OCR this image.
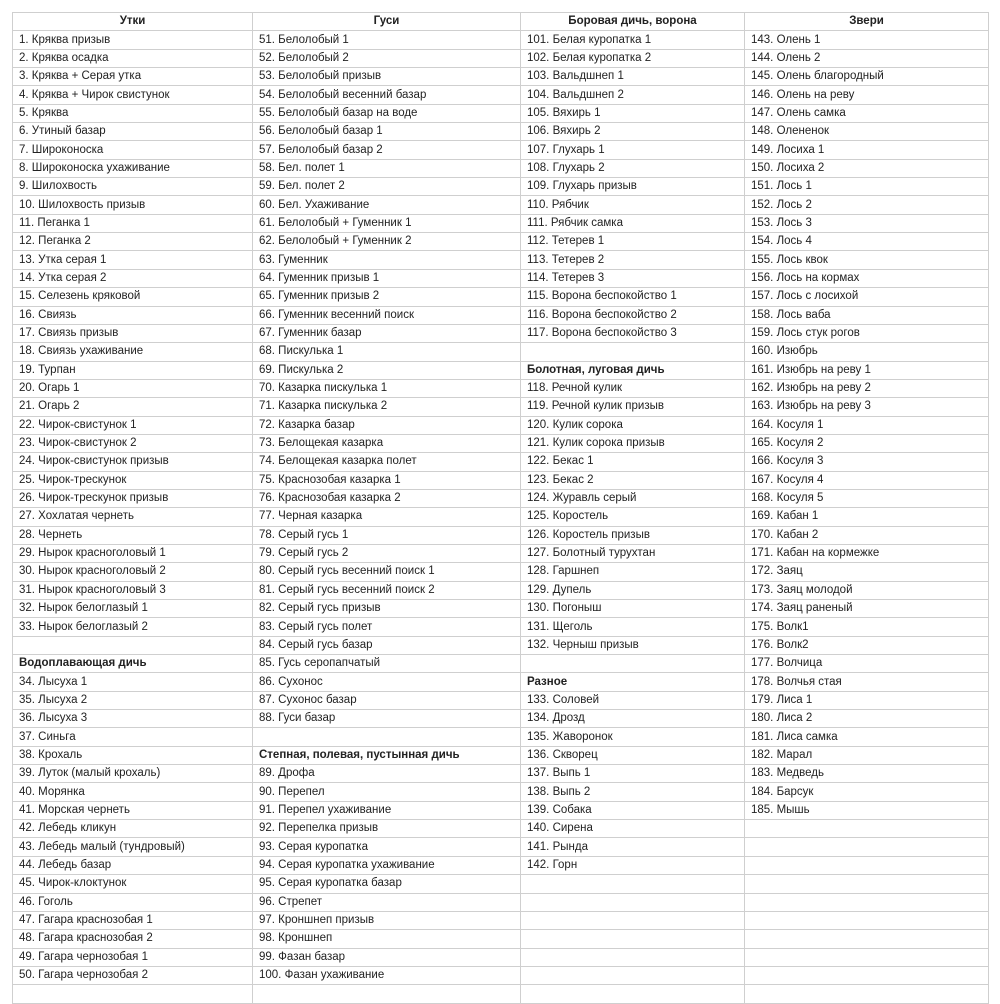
Утки	Гуси	Боровая дичь, ворона	Звери
1. Кряква призыв	51. Белолобый 1	101. Белая куропатка 1	143. Олень 1
2. Кряква осадка	52. Белолобый 2	102. Белая куропатка 2	144. Олень 2
3. Кряква + Серая утка	53. Белолобый призыв	103. Вальдшнеп 1	145. Олень благородный
4. Кряква + Чирок свистунок	54. Белолобый весенний базар	104. Вальдшнеп 2	146. Олень на реву
5. Кряква	55. Белолобый базар на воде	105. Вяхирь 1	147. Олень самка
6. Утиный базар	56. Белолобый базар 1	106. Вяхирь 2	148. Олененок
7. Широконоска	57. Белолобый базар 2	107. Глухарь 1	149. Лосиха 1
8. Широконоска ухаживание	58. Бел. полет 1	108. Глухарь 2	150. Лосиха 2
9. Шилохвость	59. Бел. полет 2	109. Глухарь призыв	151. Лось 1
10. Шилохвость призыв	60. Бел. Ухаживание	110. Рябчик	152. Лось 2
11. Пеганка 1	61. Белолобый + Гуменник 1	111. Рябчик самка	153. Лось 3
12. Пеганка 2	62. Белолобый + Гуменник 2	112. Тетерев 1	154. Лось 4
13. Утка серая 1	63. Гуменник	113. Тетерев 2	155. Лось квок
14. Утка серая 2	64. Гуменник призыв 1	114. Тетерев 3	156. Лось на кормах
15. Селезень кряковой	65. Гуменник призыв 2	115. Ворона беспокойство 1	157. Лось с лосихой
16. Свиязь	66. Гуменник весенний поиск	116. Ворона беспокойство 2	158. Лось ваба
17. Свиязь призыв	67. Гуменник базар	117. Ворона беспокойство 3	159. Лось стук рогов
18. Свиязь ухаживание	68. Пискулька 1		160. Изюбрь
19. Турпан	69. Пискулька 2	Болотная, луговая дичь	161. Изюбрь на реву 1
20. Огарь 1	70. Казарка пискулька 1	118. Речной кулик	162. Изюбрь на реву 2
21. Огарь 2	71. Казарка пискулька 2	119. Речной кулик призыв	163. Изюбрь на реву 3
22. Чирок-свистунок 1	72. Казарка базар	120. Кулик сорока	164. Косуля 1
23. Чирок-свистунок 2	73. Белощекая казарка	121. Кулик сорока призыв	165. Косуля 2
24. Чирок-свистунок призыв	74. Белощекая казарка полет	122. Бекас 1	166. Косуля 3
25. Чирок-трескунок	75. Краснозобая казарка 1	123. Бекас 2	167. Косуля 4
26. Чирок-трескунок призыв	76. Краснозобая казарка 2	124. Журавль серый	168. Косуля 5
27. Хохлатая чернеть	77. Черная казарка	125. Коростель	169. Кабан 1
28. Чернеть	78. Серый гусь 1	126. Коростель призыв	170. Кабан 2
29. Нырок красноголовый 1	79. Серый гусь 2	127. Болотный турухтан	171. Кабан на кормежке
30. Нырок красноголовый 2	80. Серый гусь весенний поиск 1	128. Гаршнеп	172. Заяц
31. Нырок красноголовый 3	81. Серый гусь весенний поиск 2	129. Дупель	173. Заяц молодой
32. Нырок белоглазый 1	82. Серый гусь призыв	130. Погоныш	174. Заяц раненый
33. Нырок белоглазый 2	83. Серый гусь полет	131. Щеголь	175. Волк1
	84. Серый гусь базар	132. Черныш призыв	176. Волк2
Водоплавающая дичь	85. Гусь серопапчатый		177. Волчица
34. Лысуха 1	86. Сухонос	Разное	178. Волчья стая
35. Лысуха 2	87. Сухонос базар	133. Соловей	179. Лиса 1
36. Лысуха 3	88. Гуси базар	134. Дрозд	180. Лиса 2
37. Синьга		135. Жаворонок	181. Лиса самка
38. Крохаль	Степная, полевая, пустынная дичь	136. Скворец	182. Марал
39. Луток (малый крохаль)	89. Дрофа	137. Выпь 1	183. Медведь
40. Морянка	90. Перепел	138. Выпь 2	184. Барсук
41. Морская чернеть	91. Перепел ухаживание	139. Собака	185. Мышь
42. Лебедь кликун	92. Перепелка призыв	140. Сирена	
43. Лебедь малый (тундровый)	93. Серая куропатка	141. Рында	
44. Лебедь базар	94. Серая куропатка ухаживание	142. Горн	
45. Чирок-клоктунок	95. Серая куропатка базар		
46. Гоголь	96. Стрепет		
47. Гагара краснозобая 1	97. Кроншнеп призыв		
48. Гагара краснозобая 2	98. Кроншнеп		
49. Гагара чернозобая 1	99. Фазан базар		
50. Гагара чернозобая 2	100. Фазан ухаживание		
